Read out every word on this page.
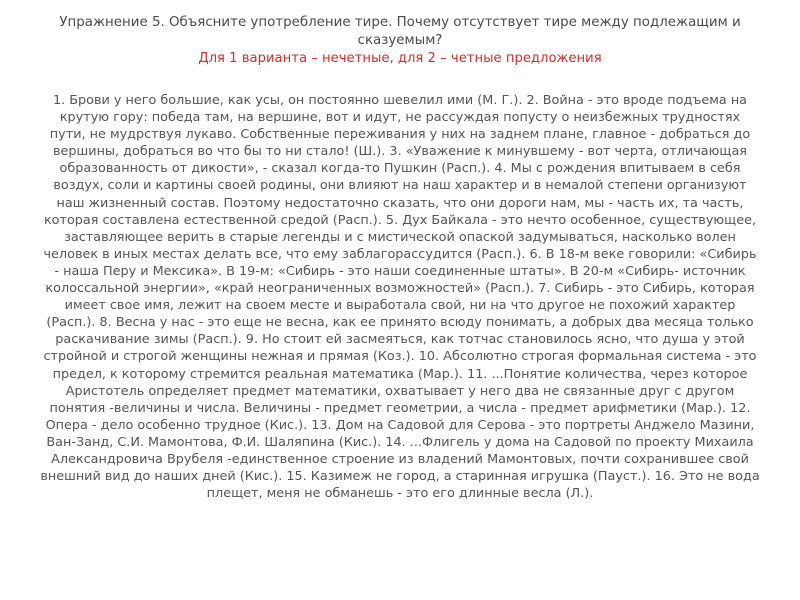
Упражнение 5. Объясните употребление тире. Почему отсутствует тире между подлежащим и сказуемым?
Для 1 варианта – нечетные, для 2 – четные предложения
1. Брови у него большие, как усы, он постоянно шевелил ими (М. Г.). 2. Война - это вроде подъема на крутую гору: победа там, на вершине, вот и идут, не рассуждая попусту о неизбежных трудностях пути, не мудрствуя лукаво. Собственные переживания у них на заднем плане, главное - добраться до вершины, добраться во что бы то ни стало! (Ш.). 3. «Уважение к минувшему - вот черта, отличающая образованность от дикости», - сказал когда-то Пушкин (Расп.). 4. Мы с рождения впитываем в себя воздух, соли и картины своей родины, они влияют на наш характер и в немалой степени организуют наш жизненный состав. Поэтому недостаточно сказать, что они дороги нам, мы - часть их, та часть, которая составлена естественной средой (Расп.). 5. Дух Байкала - это нечто особенное, существующее, заставляющее верить в старые легенды и с мистической опаской задумываться, насколько волен человек в иных местах делать все, что ему заблагорассудится (Расп.). 6. В 18-м веке говорили: «Сибирь - наша Перу и Мексика». В 19-м: «Сибирь - это наши соединенные штаты». В 20-м «Сибирь- источник колоссальной энергии», «край неограниченных возможностей» (Расп.). 7. Сибирь - это Сибирь, которая имеет свое имя, лежит на своем месте и выработала свой, ни на что другое не похожий характер (Расп.). 8. Весна у нас - это еще не весна, как ее принято всюду понимать, а добрых два месяца только раскачивание зимы (Расп.). 9. Но стоит ей засмеяться, как тотчас становилось ясно, что душа у этой стройной и строгой женщины нежная и прямая (Коз.). 10. Абсолютно строгая формальная система - это предел, к которому стремится реальная математика (Мар.). 11. ...Понятие количества, через которое Аристотель определяет предмет математики, охватывает у него два не связанные друг с другом понятия -величины и числа. Величины - предмет геометрии, а числа - предмет арифметики (Мар.). 12. Опера - дело особенно трудное (Кис.). 13. Дом на Садовой для Серова - это портреты Анджело Мазини, Ван-Занд, С.И. Мамонтова, Ф.И. Шаляпина (Кис.). 14. ...Флигель у дома на Садовой по проекту Михаила Александровича Врубеля -единственное строение из владений Мамонтовых, почти сохранившее свой внешний вид до наших дней (Кис.). 15. Казимеж не город, а старинная игрушка (Пауст.). 16. Это не вода плещет, меня не обманешь - это его длинные весла (Л.).
